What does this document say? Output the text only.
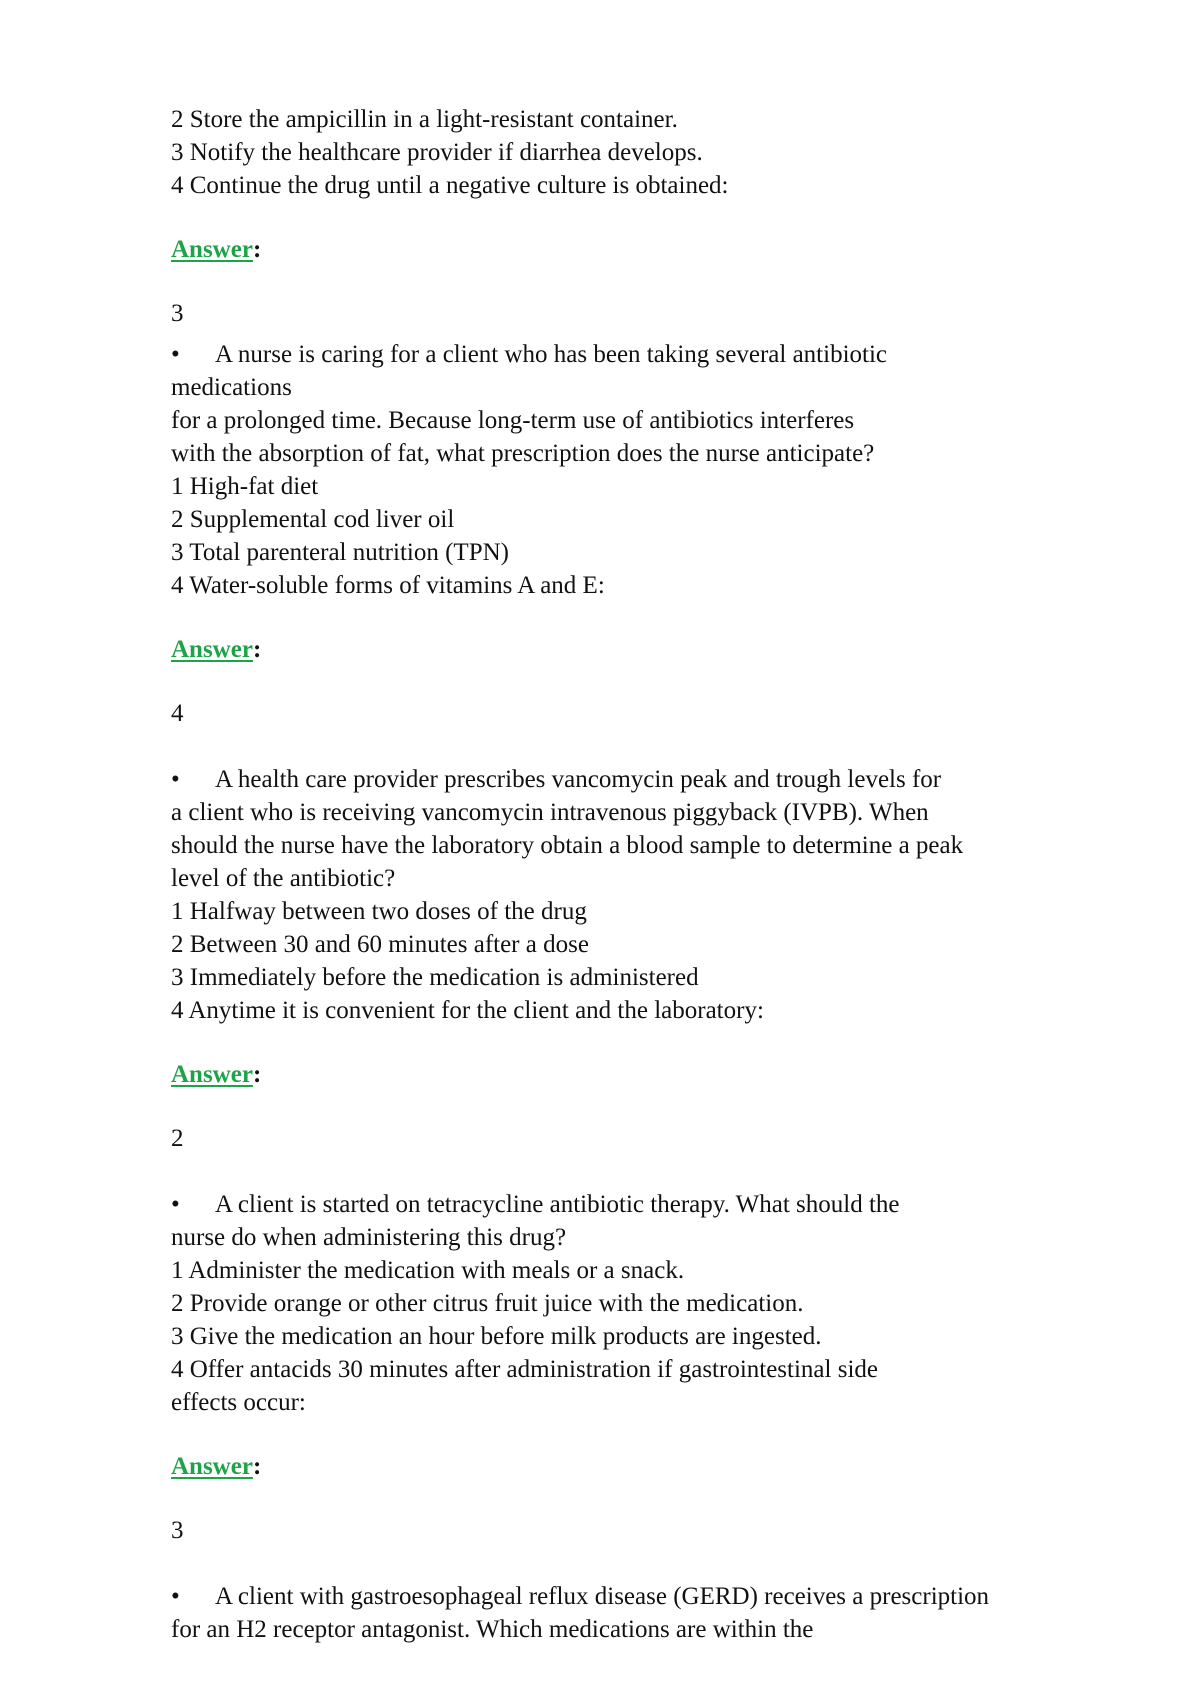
2 Store the ampicillin in a light-resistant container.

3 Notify the healthcare provider if diarrhea develops.

4 Continue the drug until a negative culture is obtained:

Answer:

3

• A nurse is caring for a client who has been taking several antibiotic

medications

for a prolonged time. Because long-term use of antibiotics interferes

with the absorption of fat, what prescription does the nurse anticipate?

1 High-fat diet

2 Supplemental cod liver oil

3 Total parenteral nutrition (TPN)

4 Water-soluble forms of vitamins A and E:

Answer:

4

• A health care provider prescribes vancomycin peak and trough levels for

a client who is receiving vancomycin intravenous piggyback (IVPB). When

should the nurse have the laboratory obtain a blood sample to determine a peak

level of the antibiotic?

1 Halfway between two doses of the drug

2 Between 30 and 60 minutes after a dose

3 Immediately before the medication is administered

4 Anytime it is convenient for the client and the laboratory:

Answer:

2

• A client is started on tetracycline antibiotic therapy. What should the

nurse do when administering this drug?

1 Administer the medication with meals or a snack.

2 Provide orange or other citrus fruit juice with the medication.

3 Give the medication an hour before milk products are ingested.

4 Offer antacids 30 minutes after administration if gastrointestinal side

effects occur:

Answer:

3

• A client with gastroesophageal reflux disease (GERD) receives a prescription

for an H2 receptor antagonist. Which medications are within the
